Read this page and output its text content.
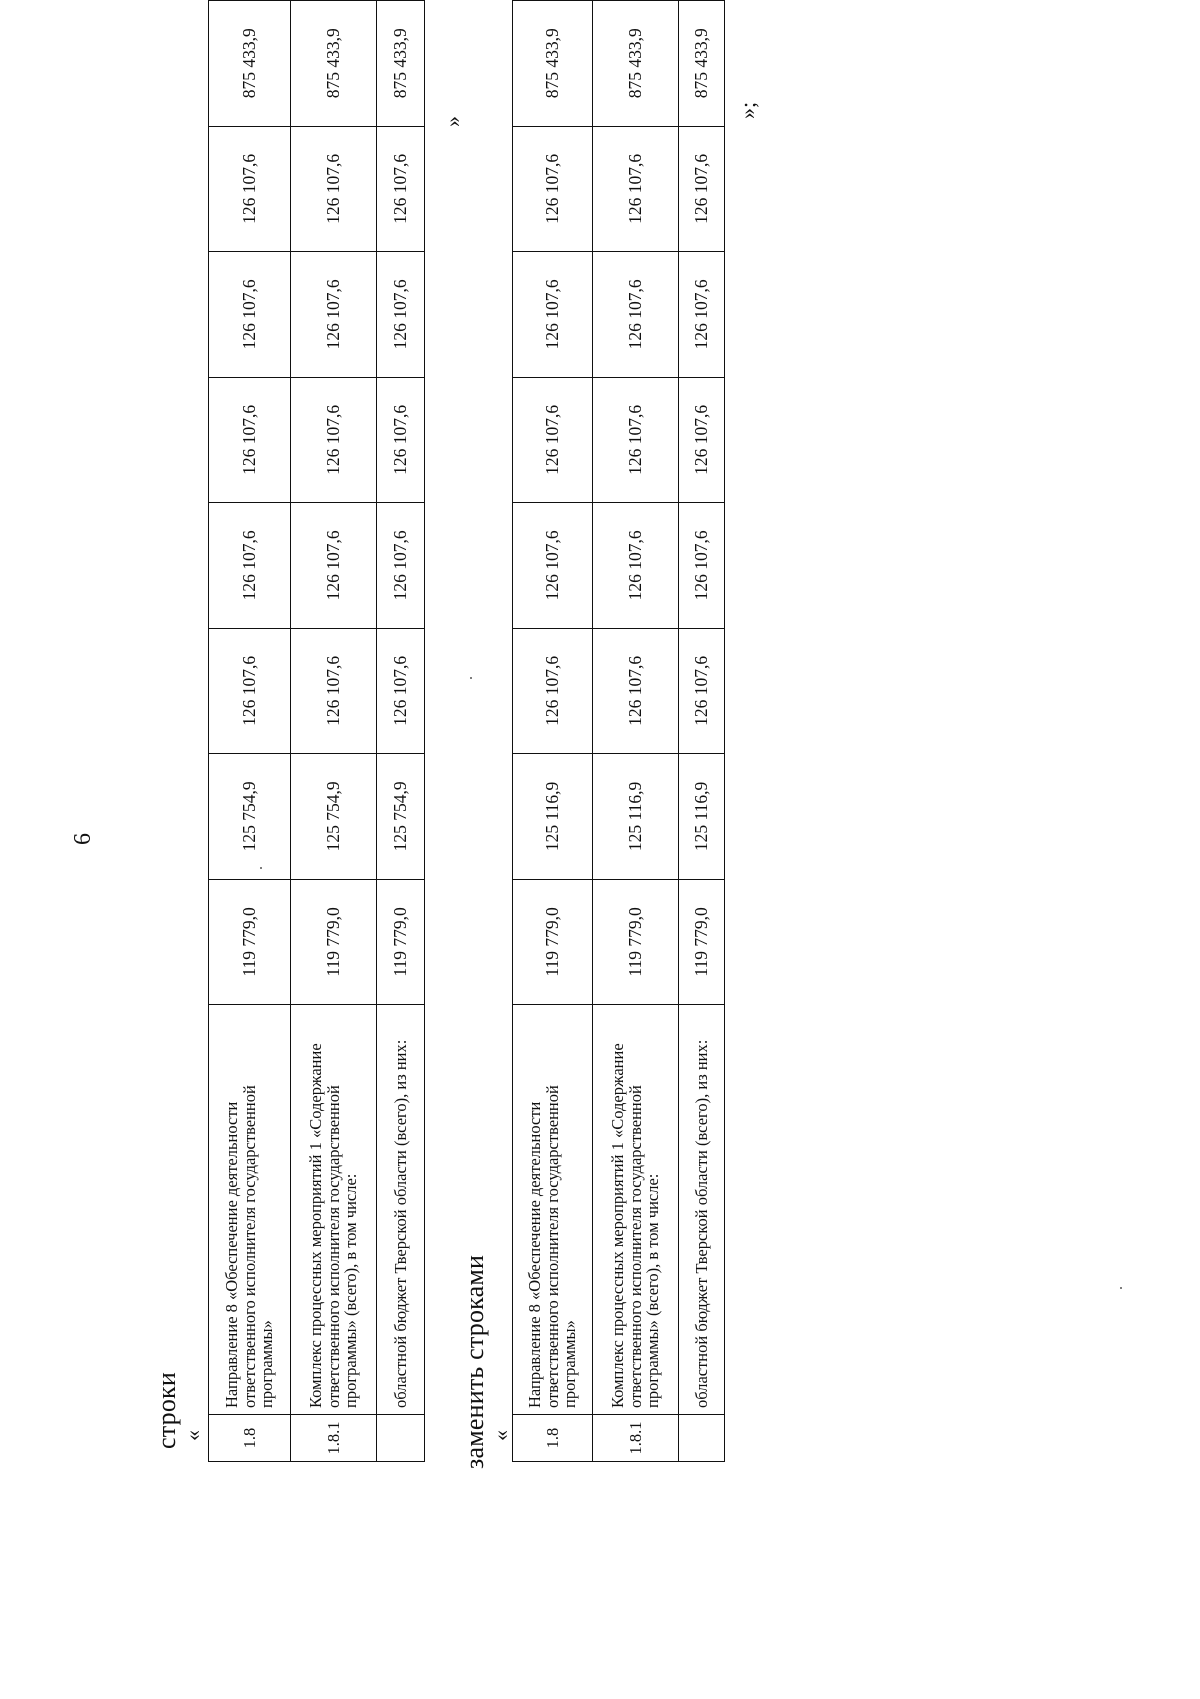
6
строки « 1.8	Направление 8 «Обеспечение деятельности ответственного исполнителя государственной программы»	119 779,0	125 754,9	126 107,6	126 107,6	126 107,6	126 107,6	126 107,6	875 433,9
1.8.1	Комплекс процессных мероприятий 1 «Содержание ответственного исполнителя государственной программы» (всего), в том числе:	119 779,0	125 754,9	126 107,6	126 107,6	126 107,6	126 107,6	126 107,6	875 433,9
	областной бюджет Тверской области (всего), из них:	119 779,0	125 754,9	126 107,6	126 107,6	126 107,6	126 107,6	126 107,6	875 433,9
»
заменить строками « 1.8	Направление 8 «Обеспечение деятельности ответственного исполнителя государственной программы»	119 779,0	125 116,9	126 107,6	126 107,6	126 107,6	126 107,6	126 107,6	875 433,9
1.8.1	Комплекс процессных мероприятий 1 «Содержание ответственного исполнителя государственной программы» (всего), в том числе:	119 779,0	125 116,9	126 107,6	126 107,6	126 107,6	126 107,6	126 107,6	875 433,9
	областной бюджет Тверской области (всего), из них:	119 779,0	125 116,9	126 107,6	126 107,6	126 107,6	126 107,6	126 107,6	875 433,9
»;
